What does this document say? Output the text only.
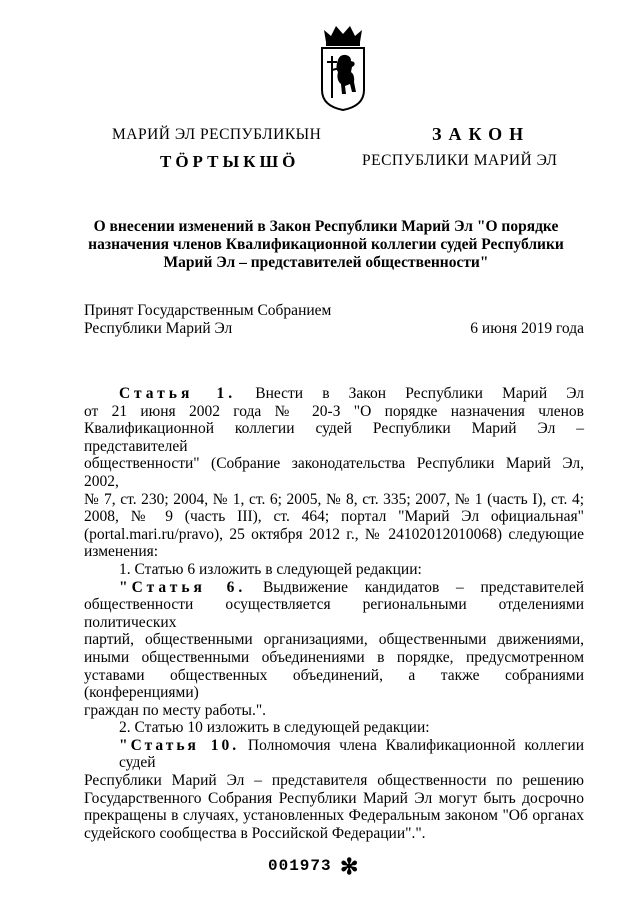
МАРИЙ ЭЛ РЕСПУБЛИКЫН
ТӦРТЫКШӦ
ЗАКОН
РЕСПУБЛИКИ МАРИЙ ЭЛ
О внесении изменений в Закон Республики Марий Эл "О порядке назначения членов Квалификационной коллегии судей Республики Марий Эл – представителей общественности"
Принят Государственным Собранием
Республики Марий Эл	6 июня 2019 года
Статья 1. Внести в Закон Республики Марий Эл
от 21 июня 2002 года № 20-З "О порядке назначения членов
Квалификационной коллегии судей Республики Марий Эл – представителей
общественности" (Собрание законодательства Республики Марий Эл, 2002,
№ 7, ст. 230; 2004, № 1, ст. 6; 2005, № 8, ст. 335; 2007, № 1 (часть I), ст. 4;
2008, № 9 (часть III), ст. 464; портал "Марий Эл официальная"
(portal.mari.ru/pravo), 25 октября 2012 г., № 24102012010068) следующие
изменения:
1. Статью 6 изложить в следующей редакции:
"Статья 6. Выдвижение кандидатов – представителей
общественности осуществляется региональными отделениями политических
партий, общественными организациями, общественными движениями,
иными общественными объединениями в порядке, предусмотренном
уставами общественных объединений, а также собраниями (конференциями)
граждан по месту работы.".
2. Статью 10 изложить в следующей редакции:
"Статья 10. Полномочия члена Квалификационной коллегии судей
Республики Марий Эл – представителя общественности по решению
Государственного Собрания Республики Марий Эл могут быть досрочно
прекращены в случаях, установленных Федеральным законом "Об органах
судейского сообщества в Российской Федерации".".
001973 ✻
